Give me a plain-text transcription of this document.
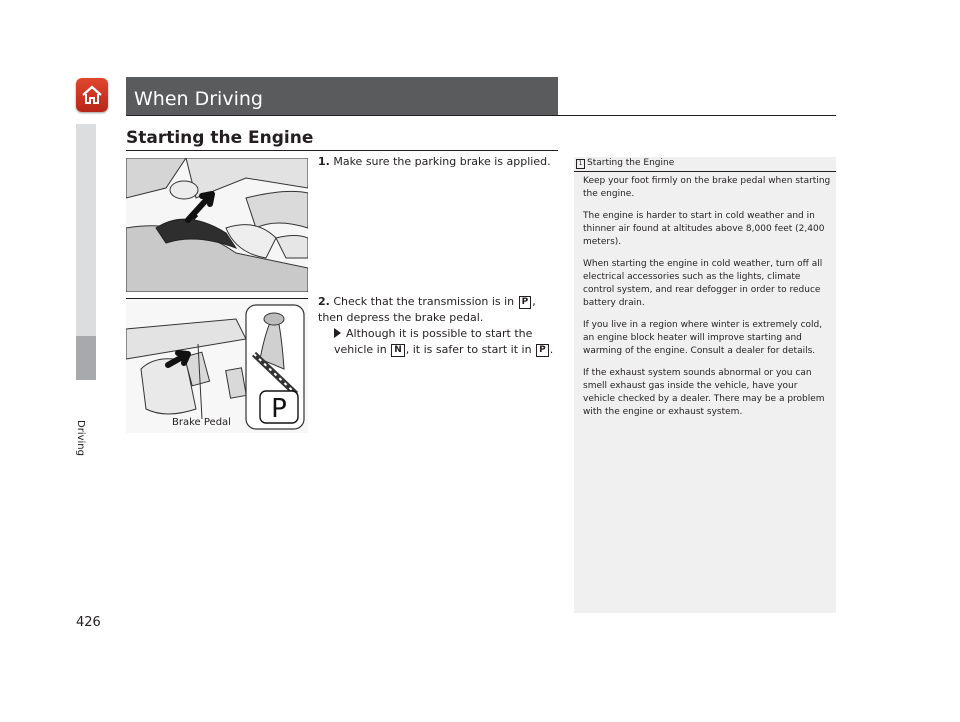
Driving
When Driving
Starting the Engine
P
Brake Pedal
1. Make sure the parking brake is applied.
2. Check that the transmission is in P , then depress the brake pedal.
Although it is possible to start the vehicle in N , it is safer to start it in P .
1 Starting the Engine

Keep your foot firmly on the brake pedal when starting the engine.

The engine is harder to start in cold weather and in thinner air found at altitudes above 8,000 feet (2,400 meters).

When starting the engine in cold weather, turn off all electrical accessories such as the lights, climate control system, and rear defogger in order to reduce battery drain.

If you live in a region where winter is extremely cold, an engine block heater will improve starting and warming of the engine. Consult a dealer for details.

If the exhaust system sounds abnormal or you can smell exhaust gas inside the vehicle, have your vehicle checked by a dealer. There may be a problem with the engine or exhaust system.

426
